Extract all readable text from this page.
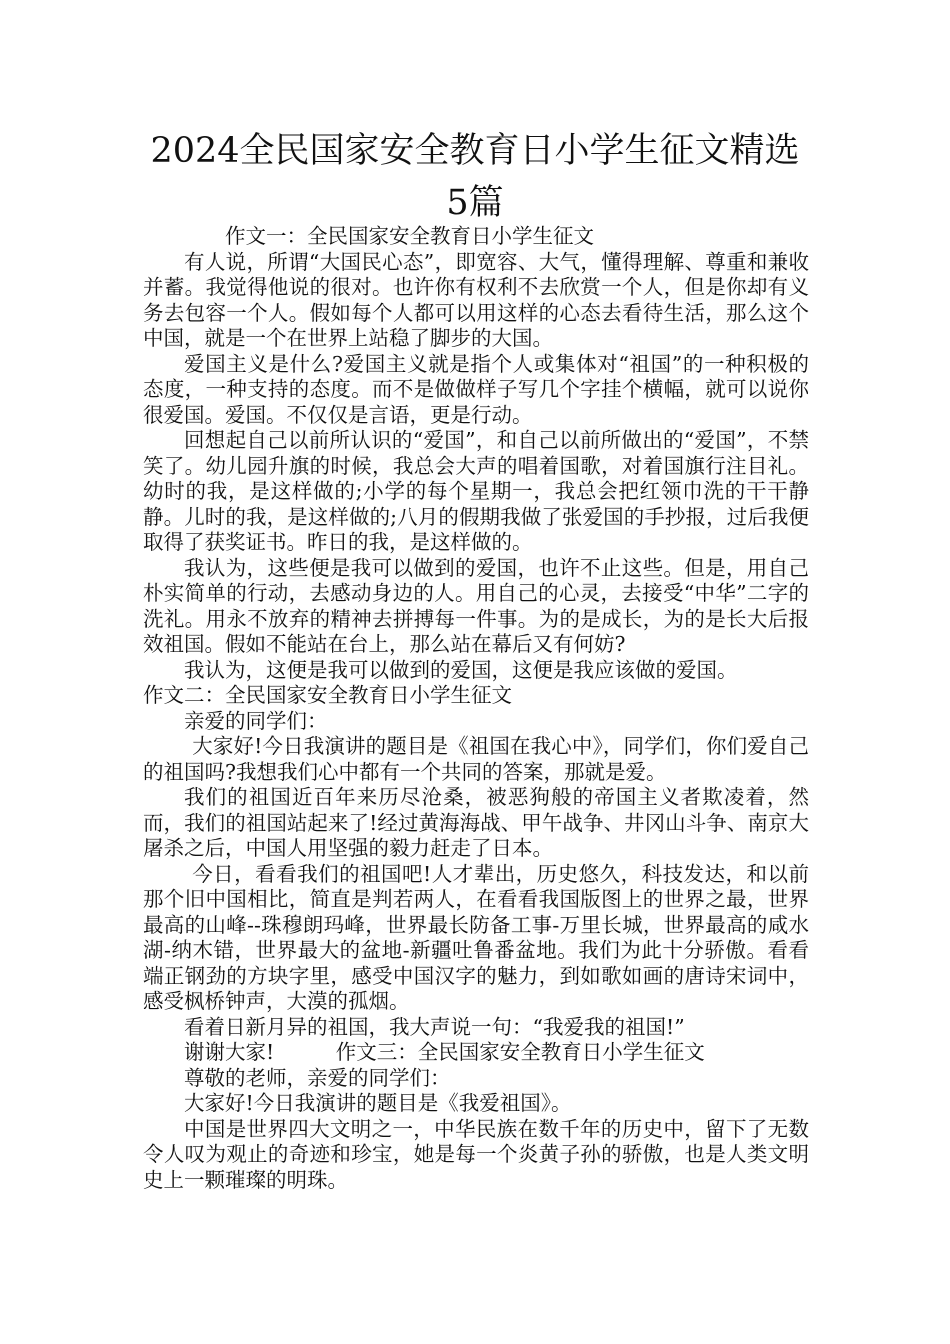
2024全民国家安全教育日小学生征文精选
5篇

作文一：全民国家安全教育日小学生征文

有人说，所谓“大国民心态”，即宽容、大气，懂得理解、尊重和兼收并蓄。我觉得他说的很对。也许你有权利不去欣赏一个人，但是你却有义务去包容一个人。假如每个人都可以用这样的心态去看待生活，那么这个中国，就是一个在世界上站稳了脚步的大国。

爱国主义是什么?爱国主义就是指个人或集体对“祖国”的一种积极的态度，一种支持的态度。而不是做做样子写几个字挂个横幅，就可以说你很爱国。爱国。不仅仅是言语，更是行动。

回想起自己以前所认识的“爱国”，和自己以前所做出的“爱国”，不禁笑了。幼儿园升旗的时候，我总会大声的唱着国歌，对着国旗行注目礼。幼时的我，是这样做的;小学的每个星期一，我总会把红领巾洗的干干静静。儿时的我，是这样做的;八月的假期我做了张爱国的手抄报，过后我便取得了获奖证书。昨日的我，是这样做的。

我认为，这些便是我可以做到的爱国，也许不止这些。但是，用自己朴实简单的行动，去感动身边的人。用自己的心灵，去接受“中华”二字的洗礼。用永不放弃的精神去拼搏每一件事。为的是成长，为的是长大后报效祖国。假如不能站在台上，那么站在幕后又有何妨?

我认为，这便是我可以做到的爱国，这便是我应该做的爱国。

作文二：全民国家安全教育日小学生征文

亲爱的同学们：

大家好!今日我演讲的题目是《祖国在我心中》，同学们，你们爱自己的祖国吗?我想我们心中都有一个共同的答案，那就是爱。

我们的祖国近百年来历尽沧桑，被恶狗般的帝国主义者欺凌着，然而，我们的祖国站起来了!经过黄海海战、甲午战争、井冈山斗争、南京大屠杀之后，中国人用坚强的毅力赶走了日本。

今日，看看我们的祖国吧!人才辈出，历史悠久，科技发达，和以前那个旧中国相比，简直是判若两人，在看看我国版图上的世界之最，世界最高的山峰--珠穆朗玛峰，世界最长防备工事-万里长城，世界最高的咸水湖-纳木错，世界最大的盆地-新疆吐鲁番盆地。我们为此十分骄傲。看看端正钢劲的方块字里，感受中国汉字的魅力，到如歌如画的唐诗宋词中，感受枫桥钟声，大漠的孤烟。

看着日新月异的祖国，我大声说一句：“我爱我的祖国!”

谢谢大家!　　　作文三：全民国家安全教育日小学生征文

尊敬的老师，亲爱的同学们：

大家好!今日我演讲的题目是《我爱祖国》。

中国是世界四大文明之一，中华民族在数千年的历史中，留下了无数令人叹为观止的奇迹和珍宝，她是每一个炎黄子孙的骄傲，也是人类文明史上一颗璀璨的明珠。
